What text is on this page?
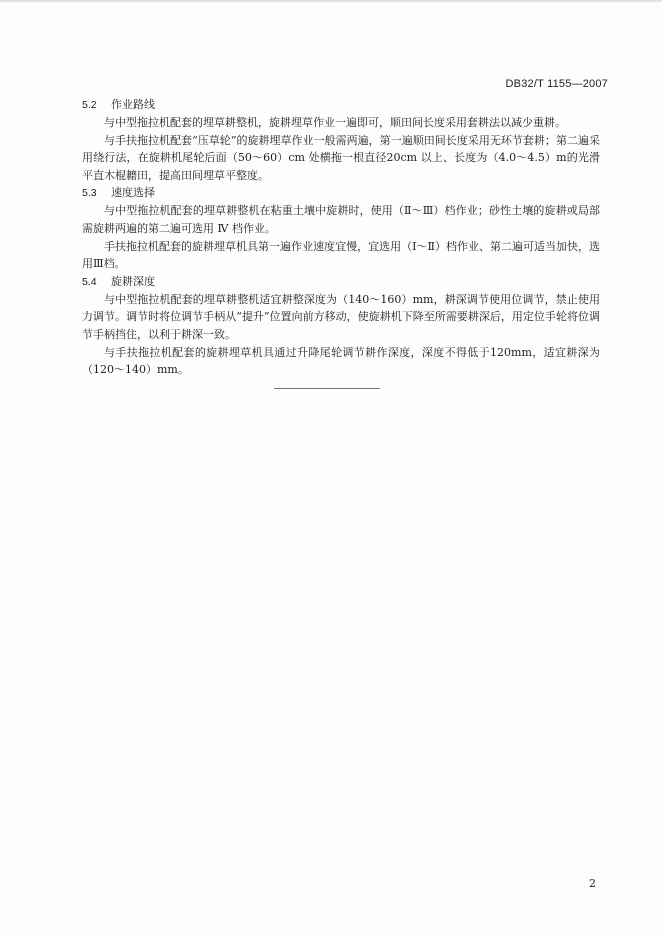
DB32/T 1155—2007

5.2 作业路线

与中型拖拉机配套的埋草耕整机，旋耕埋草作业一遍即可，顺田间长度采用套耕法以减少重耕。

与手扶拖拉机配套“压草轮”的旋耕埋草作业一般需两遍，第一遍顺田间长度采用无环节套耕；第二遍采用绕行法，在旋耕机尾轮后面（50～60）cm 处横拖一根直径20cm 以上、长度为（4.0～4.5）m的光滑平直木棍耱田，提高田间埋草平整度。

5.3 速度选择

与中型拖拉机配套的埋草耕整机在粘重土壤中旋耕时，使用（Ⅱ～Ⅲ）档作业；砂性土壤的旋耕或局部需旋耕两遍的第二遍可选用 Ⅳ 档作业。

手扶拖拉机配套的旋耕埋草机具第一遍作业速度宜慢，宜选用（Ⅰ～Ⅱ）档作业、第二遍可适当加快，选用Ⅲ档。

5.4 旋耕深度

与中型拖拉机配套的埋草耕整机适宜耕整深度为（140～160）mm，耕深调节使用位调节，禁止使用力调节。调节时将位调节手柄从“提升”位置向前方移动，使旋耕机下降至所需要耕深后，用定位手轮将位调节手柄挡住，以利于耕深一致。

与手扶拖拉机配套的旋耕埋草机具通过升降尾轮调节耕作深度，深度不得低于120mm，适宜耕深为（120～140）mm。

2
